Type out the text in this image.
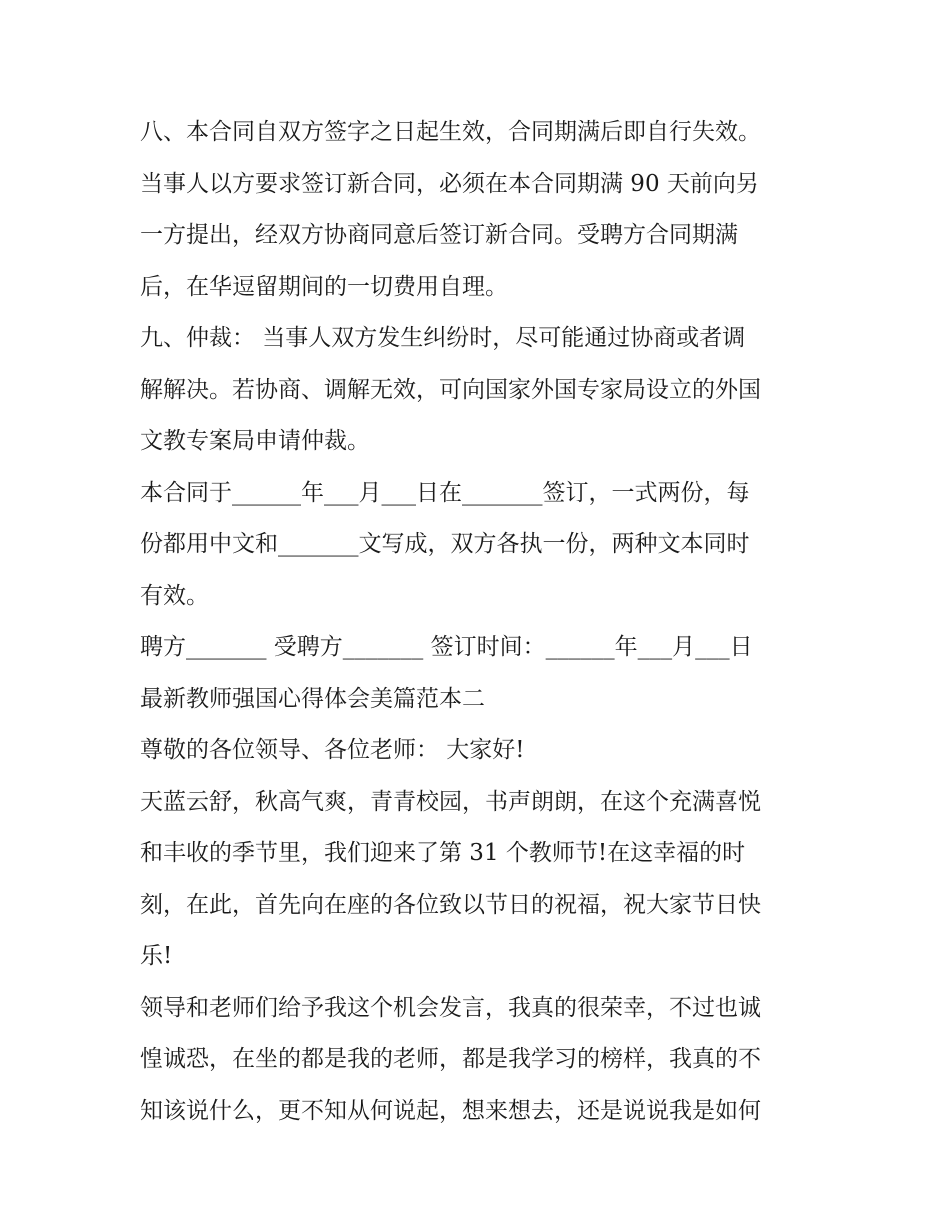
八、本合同自双方签字之日起生效，合同期满后即自行失效。
当事人以方要求签订新合同，必须在本合同期满 90 天前向另
一方提出，经双方协商同意后签订新合同。受聘方合同期满
后，在华逗留期间的一切费用自理。
九、仲裁： 当事人双方发生纠纷时，尽可能通过协商或者调
解解决。若协商、调解无效，可向国家外国专家局设立的外国
文教专案局申请仲裁。
本合同于______年___月___日在_______签订，一式两份，每
份都用中文和_______文写成，双方各执一份，两种文本同时
有效。
聘方_______ 受聘方_______ 签订时间：______年___月___日
最新教师强国心得体会美篇范本二
尊敬的各位领导、各位老师： 大家好!
天蓝云舒，秋高气爽，青青校园，书声朗朗，在这个充满喜悦
和丰收的季节里，我们迎来了第 31 个教师节!在这幸福的时
刻，在此，首先向在座的各位致以节日的祝福，祝大家节日快
乐!
领导和老师们给予我这个机会发言，我真的很荣幸，不过也诚
惶诚恐，在坐的都是我的老师，都是我学习的榜样，我真的不
知该说什么，更不知从何说起，想来想去，还是说说我是如何
